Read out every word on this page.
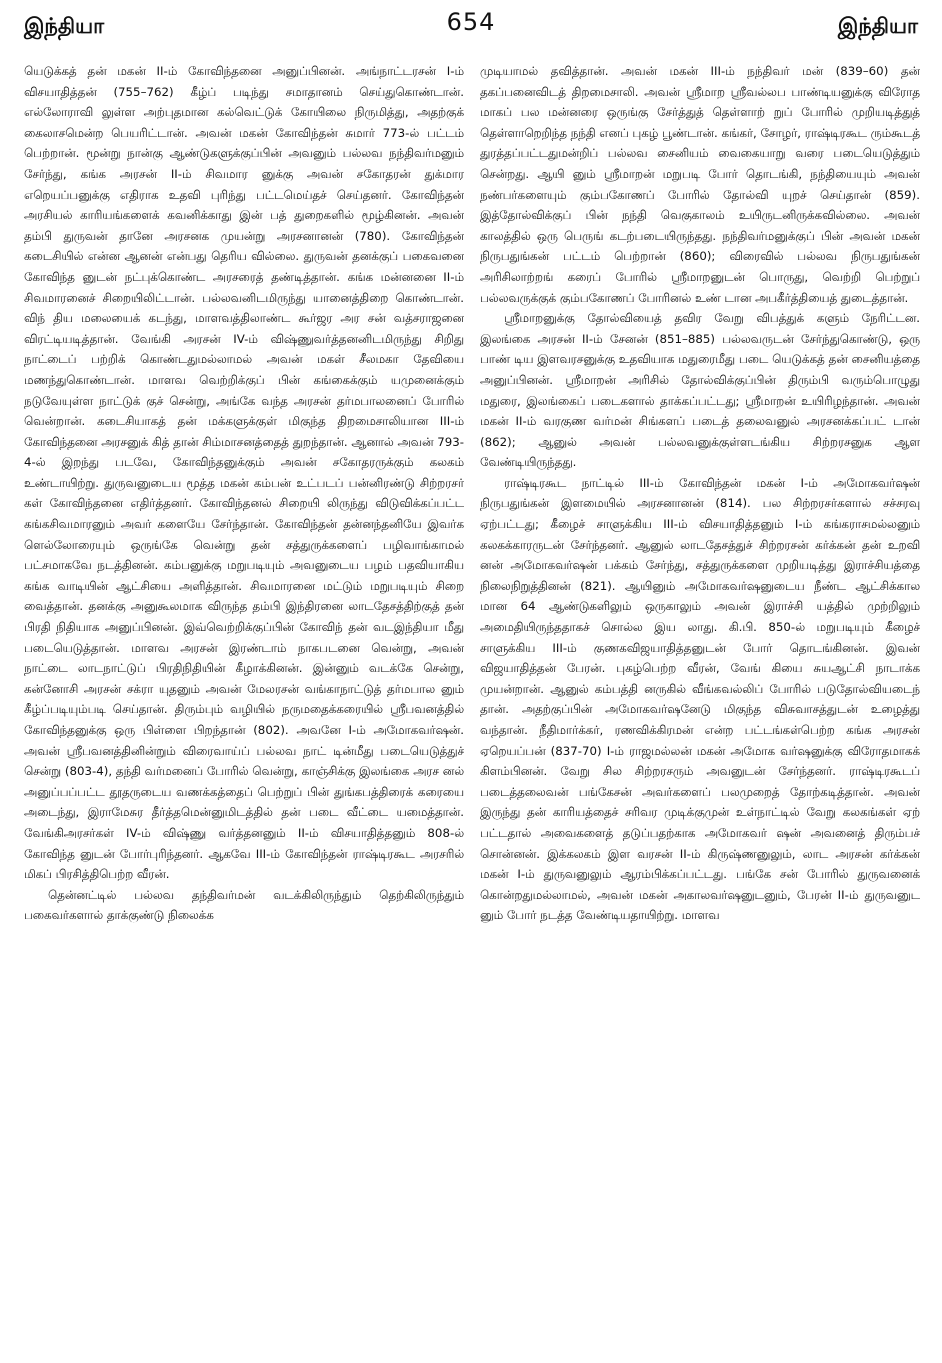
இந்தியா	654	இந்தியா

யெடுக்கத் தன் மகன் II-ம் கோவிந்தனை அனுப்பினன். அங்நாட்டரசன் I-ம் விசயாதித்தன் (755–762) கீழ்ப் படிந்து சமாதானம் செய்துகொண்டான். எல்லோராவி லுள்ள அற்புதமான கல்வெட்டுக் கோயிலை நிருமித்து, அதற்குக் கைலாசமென்ற பெயரிட்டான். அவன் மகன் கோவிந்தன் சுமார் 773-ல் பட்டம் பெற்றான். மூன்று நான்கு ஆண்டுகளுக்குப்பின் அவனும் பல்லவ நந்திவர்மனும் சேர்ந்து, கங்க அரசன் II-ம் சிவமார னுக்கு அவன் சகோதரன் துக்மார எறெயப்பனுக்கு எதிராக உதவி புரிந்து பட்டமெய்தச் செய்தனர். கோவிந்தன் அரசியல் காரியங்களைக் கவனிக்காது இன் பத் துறைகளில் மூழ்கினன். அவன் தம்பி துருவன் தானே அரசனக முயன்று அரசனானன் (780). கோவிந்தன் கடைசியில் என்ன ஆனன் என்பது தெரிய வில்லை. துருவன் தனக்குப் பகைவனை கோவிந்த னுடன் நட்புக்கொண்ட அரசரைத் தண்டித்தான். கங்க மன்னனை II-ம் சிவமாரனைச் சிறையிலிட்டான். பல்லவனிடமிருந்து யானைத்திறை கொண்டான். விந் திய மலையைக் கடந்து, மாளவத்திலாண்ட கூர்ஜர அர சன் வத்சராஜனை விரட்டியடித்தான். வேங்கி அரசன் IV-ம் விஷ்ணுவர்த்தனனிடமிருந்து சிறிது நாட்டைப் பற்றிக் கொண்டதுமல்லாமல் அவன் மகள் சீலமகா தேவியை மணந்துகொண்டான். மாளவ வெற்றிக்குப் பின் கங்கைக்கும் யமுனைக்கும் நடுவேயுள்ள நாட்டுக் குச் சென்று, அங்கே வந்த அரசன் தர்மபாலனைப் போரில் வென்றான். கடைசியாகத் தன் மக்களுக்குள் மிகுந்த திறமைசாலியான III-ம் கோவிந்தனை அரசனுக் கித் தான் சிம்மாசனத்தைத் துறந்தான். ஆனால் அவன் 793-4-ல் இறந்து படவே, கோவிந்தனுக்கும் அவன் சகோதரருக்கும் கலகம் உண்டாயிற்று. துருவனுடைய மூத்த மகன் கம்பன் உட்படப் பன்னிரண்டு சிற்றரசர் கள் கோவிந்தனை எதிர்த்தனர். கோவிந்தனல் சிறையி லிருந்து விடுவிக்கப்பட்ட கங்கசிவமாரனும் அவர் களையே சேர்ந்தான். கோவிந்தன் தன்னந்தனியே இவர்க ளெல்லோரையும் ஒருங்கே வென்று தன் சத்துருக்களைப் பழிவாங்காமல் பட்சமாகவே நடத்தினன். கம்பனுக்கு மறுபடியும் அவனுடைய பழம் பதவியாகிய கங்க வாடியின் ஆட்சியை அளித்தான். சிவமாரனை மட்டும் மறுபடியும் சிறை வைத்தான். தனக்கு அனுகூலமாக விருந்த தம்பி இந்திரனை லாடதேசத்திற்குத் தன் பிரதி நிதியாக அனுப்பினன். இவ்வெற்றிக்குப்பின் கோவிந் தன் வடஇந்தியா மீது படையெடுத்தான். மாளவ அரசன் இரண்டாம் நாகபடனை வென்று, அவன் நாட்டை லாடநாட்டுப் பிரதிநிதியின் கீழாக்கினன். இன்னும் வடக்கே சென்று, கன்னோசி அரசன் சக்ரா யுதனும் அவன் மேலரசன் வங்காநாட்டுத் தர்மபால னும் கீழ்ப்படியும்படி செய்தான். திரும்பும் வழியில் நருமதைக்கரையில் ஸ்ரீபவனத்தில் கோவிந்தனுக்கு ஒரு பிள்ளை பிறந்தான் (802). அவனே I-ம் அமோகவர்ஷன். அவன் ஸ்ரீபவனத்தினின்றும் விரைவாய்ப் பல்லவ நாட் டின்மீது படையெடுத்துச் சென்று (803-4), தந்தி வர்மனைப் போரில் வென்று, காஞ்சிக்கு இலங்கை அரச னல் அனுப்பப்பட்ட தூதருடைய வணக்கத்தைப் பெற்றுப் பின் துங்கபத்திரைக் கரையை அடைந்து, இராமேசுர தீர்த்தமென்னுமிடத்தில் தன் படை வீட்டை யமைத்தான். வேங்கிஅரசர்கள் IV-ம் விஷ்ணு வர்த்தனனும் II-ம் விசயாதித்தனும் 808-ல் கோவிந்த னுடன் போர்புரிந்தனர். ஆகவே III-ம் கோவிந்தன் ராஷ்டிரகூட அரசரில் மிகப் பிரசித்திபெற்ற வீரன்.

தென்னட்டில் பல்லவ தந்திவர்மன் வடக்கிலிருந்தும் தெற்கிலிருந்தும் பகைவர்களால் தாக்குண்டு நிலைக்க

முடியாமல் தவித்தான். அவன் மகன் III-ம் நந்திவர் மன் (839–60) தன் தகப்பனைவிடத் திறமைசாலி. அவன் ஸ்ரீமாற ஸ்ரீவல்லப பாண்டியனுக்கு விரோத மாகப் பல மன்னரை ஒருங்கு சேர்த்துத் தெள்ளாற் றுப் போரில் முறியடித்துத் தெள்ளாறெறிந்த நந்தி எனப் புகழ் பூண்டான். கங்கர், சோழர், ராஷ்டிரகூட ரும்கூடத் துரத்தப்பட்டதுமன்றிப் பல்லவ சைனியம் வைகையாறு வரை படையெடுத்தும் சென்றது. ஆயி னும் ஸ்ரீமாறன் மறுபடி போர் தொடங்கி, நந்தியையும் அவன் நண்பர்களையும் கும்பகோணப் போரில் தோல்வி யுறச் செய்தான் (859). இத்தோல்விக்குப் பின் நந்தி வெகுகாலம் உயிருடனிருக்கவில்லை. அவன் காலத்தில் ஒரு பெருங் கடற்படையிருந்தது. நந்திவர்மனுக்குப் பின் அவன் மகன் நிருபதுங்கன் பட்டம் பெற்றான் (860); விரைவில் பல்லவ நிருபதுங்கன் அரிசிலாற்றங் கரைப் போரில் ஸ்ரீமாறனுடன் பொருது, வெற்றி பெற்றுப் பல்லவருக்குக் கும்பகோணப் போரினல் உண் டான அபகீர்த்தியைத் துடைத்தான்.

ஸ்ரீமாறனுக்கு தோல்வியைத் தவிர வேறு விபத்துக் களும் நேரிட்டன. இலங்கை அரசன் II-ம் சேனன் (851–885) பல்லவருடன் சேர்ந்துகொண்டு, ஒரு பாண் டிய இளவரசனுக்கு உதவியாக மதுரைமீது படை யெடுக்கத் தன் சைனியத்தை அனுப்பினன். ஸ்ரீமாறன் அரிசில் தோல்விக்குப்பின் திரும்பி வரும்பொழுது மதுரை, இலங்கைப் படைகளால் தாக்கப்பட்டது; ஸ்ரீமாறன் உயிரிழந்தான். அவன் மகன் II-ம் வரகுண வர்மன் சிங்களப் படைத் தலைவனுல் அரசனக்கப்பட் டான் (862); ஆனுல் அவன் பல்லவனுக்குள்ளடங்கிய சிற்றரசனுக ஆள வேண்டியிருந்தது.

ராஷ்டிரகூட நாட்டில் III-ம் கோவிந்தன் மகன் I-ம் அமோகவர்ஷன் நிருபதுங்கன் இளமையில் அரசனானன் (814). பல சிற்றரசர்களால் சச்சரவு ஏற்பட்டது; கீழைச் சாளுக்கிய III-ம் விசயாதித்தனும் I-ம் கங்கராசமல்லனும் கலகக்காரருடன் சேர்ந்தனர். ஆனுல் லாடதேசத்துச் சிற்றரசன் கர்க்கன் தன் உறவி னன் அமோகவர்ஷன் பக்கம் சேர்ந்து, சத்துருக்களை முறியடித்து இராச்சியத்தை நிலைநிறுத்தினன் (821). ஆயினும் அமோகவர்ஷனுடைய நீண்ட ஆட்சிக்கால மான 64 ஆண்டுகளிலும் ஒருகாலும் அவன் இராச்சி யத்தில் முற்றிலும் அமைதியிருந்ததாகச் சொல்ல இய லாது. கி.பி. 850-ல் மறுபடியும் கீழைச் சாளுக்கிய III-ம் குணகவிஜயாதித்தனுடன் போர் தொடங்கினன். இவன் விஜயாதித்தன் பேரன். புகழ்பெற்ற வீரன், வேங் கியை சுயஆட்சி நாடாக்க முயன்றான். ஆனுல் கம்பத்தி னருகில் வீங்கவல்லிப் போரில் படுதோல்வியடைந் தான். அதற்குப்பின் அமோகவர்ஷனேடு மிகுந்த விசுவாசத்துடன் உழைத்து வந்தான். நீதிமார்க்கர், ரணவிக்கிரமன் என்ற பட்டங்கள்பெற்ற கங்க அரசன் ஏறெயப்பன் (837-70) I-ம் ராஜமல்லன் மகன் அமோக வர்ஷனுக்கு விரோதமாகக் கிளம்பினன். வேறு சில சிற்றரசரும் அவனுடன் சேர்ந்தனர். ராஷ்டிரகூடப் படைத்தலைவன் பங்கேசன் அவர்களைப் பலமுறைத் தோற்கடித்தான். அவன் இருந்து தன் காரியத்தைச் சரிவர முடிக்குமுன் உள்நாட்டில் வேறு கலகங்கள் ஏற் பட்டதால் அவைகளைத் தடுப்பதற்காக அமோகவர் ஷன் அவனைத் திரும்பச் சொன்னன். இக்கலகம் இள வரசன் II-ம் கிருஷ்ணனுலும், லாட அரசன் கர்க்கன் மகன் I-ம் துருவனுலும் ஆரம்பிக்கப்பட்டது. பங்கே சன் போரில் துருவனைக் கொன்றதுமல்லாமல், அவன் மகன் அகாலவர்ஷனுடனும், பேரன் II-ம் துருவனுட னும் போர் நடத்த வேண்டியதாயிற்று. மாளவ
